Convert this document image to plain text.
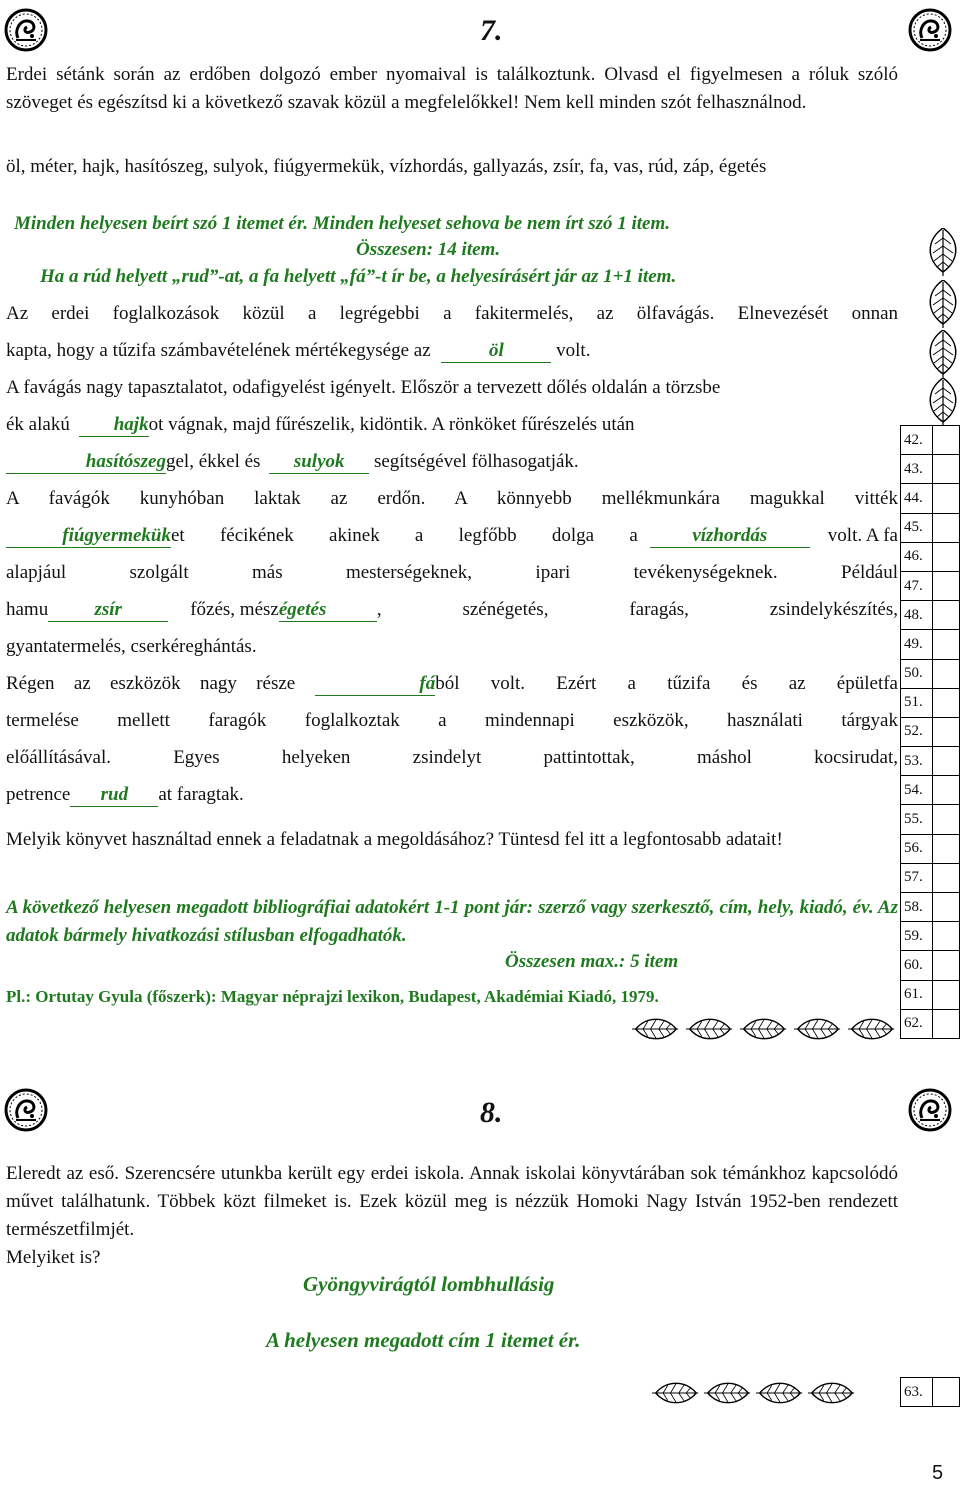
7.
Erdei sétánk során az erdőben dolgozó ember nyomaival is találkoztunk. Olvasd el figyelmesen a róluk szóló szöveget és egészítsd ki a következő szavak közül a megfelelőkkel! Nem kell minden szót felhasználnod.
öl, méter, hajk, hasítószeg, sulyok, fiúgyermekük, vízhordás, gallyazás, zsír, fa, vas, rúd, záp, égetés
Minden helyesen beírt szó 1 itemet ér. Minden helyeset sehova be nem írt szó 1 item.
Összesen: 14 item.
Ha a rúd helyett „rud”-at, a fa helyett „fá”-t ír be, a helyesírásért jár az 1+1 item.
Az erdei foglalkozások közül a legrégebbi a fakitermelés, az ölfavágás. Elnevezését onnan
kapta, hogy a tűzifa számbavételének mértékegysége az	öl	volt.
A favágás nagy tapasztalatot, odafigyelést igényelt. Először a tervezett dőlés oldalán a törzsbe
ék alakú hajkot vágnak, majd fűrészelik, kidöntik. A rönköket fűrészelés után
hasítószeggel, ékkel és sulyok segítségével fölhasogatják.
A favágók kunyhóban laktak az erdőn. A könnyebb mellékmunkára magukkal vitték
fiúgyermekük et fécikének akinek a legfőbb dolga a	vízhordás	volt. A fa
alapjául szolgált más mesterségeknek, ipari tevékenységeknek. Például
hamu	zsír	főzés, mész égetés	, szénégetés, faragás, zsindelykészítés,
gyantatermelés, cserkéreghántás.
Régen az eszközök nagy része	fá ból volt. Ezért a tűzifa és az épületfa
termelése mellett faragók foglalkoztak a mindennapi eszközök, használati tárgyak
előállításával. Egyes helyeken zsindelyt pattintottak, máshol kocsirudat,
petrence rud at faragtak.
Melyik könyvet használtad ennek a feladatnak a megoldásához? Tüntesd fel itt a legfontosabb adatait!
A következő helyesen megadott bibliográfiai adatokért 1-1 pont jár: szerző vagy szerkesztő, cím, hely, kiadó, év. Az adatok bármely hivatkozási stílusban elfogadhatók.
Összesen max.: 5 item
Pl.: Ortutay Gyula (főszerk): Magyar néprajzi lexikon, Budapest, Akadémiai Kiadó, 1979.
42.	
43.	
44.	
45.	
46.	
47.	
48.	
49.	
50.	
51.	
52.	
53.	
54.	
55.	
56.	
57.	
58.	
59.	
60.	
61.	
62.	
8.
Eleredt az eső. Szerencsére utunkba került egy erdei iskola. Annak iskolai könyvtárában sok témánkhoz kapcsolódó művet találhatunk. Többek közt filmeket is. Ezek közül meg is nézzük Homoki Nagy István 1952-ben rendezett természetfilmjét.
Melyiket is?
Gyöngyvirágtól lombhullásig
A helyesen megadott cím 1 itemet ér.
63.	
5
